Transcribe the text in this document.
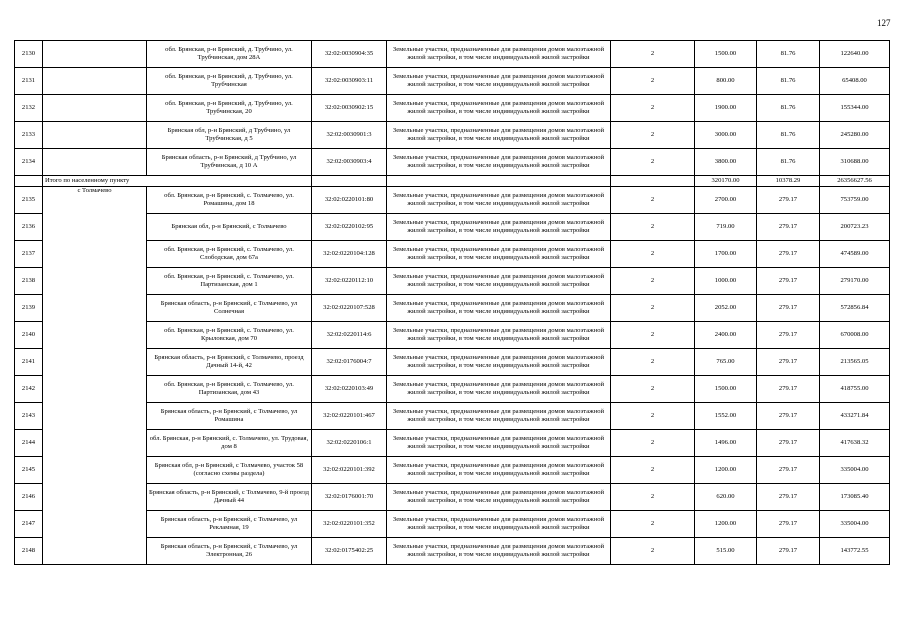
127
2130		обл. Брянская, р-н Брянский, д. Трубчино, ул. Трубчинская, дом 28А	32:02:0030904:35	Земельные участки, предназначенные для размещения домов малоэтажной жилой застройки, в том числе индивидуальной жилой застройки	2	1500.00	81.76	122640.00
2131		обл. Брянская, р-н Брянский, д. Трубчино, ул. Трубчинская	32:02:0030903:11	Земельные участки, предназначенные для размещения домов малоэтажной жилой застройки, в том числе индивидуальной жилой застройки	2	800.00	81.76	65408.00
2132		обл. Брянская, р-н Брянский, д. Трубчино, ул. Трубчинская, 20	32:02:0030902:15	Земельные участки, предназначенные для размещения домов малоэтажной жилой застройки, в том числе индивидуальной жилой застройки	2	1900.00	81.76	155344.00
2133		Брянская обл, р-н Брянский, д Трубчино, ул Трубчинская, д 5	32:02:0030901:3	Земельные участки, предназначенные для размещения домов малоэтажной жилой застройки, в том числе индивидуальной жилой застройки	2	3000.00	81.76	245280.00
2134		Брянская область, р-н Брянский, д Трубчино, ул Трубчинская, д 10 А	32:02:0030903:4	Земельные участки, предназначенные для размещения домов малоэтажной жилой застройки, в том числе индивидуальной жилой застройки	2	3800.00	81.76	310688.00
	Итого по населенному пункту					320170.00	10378.29	26356627.56
2135	с Толмачево	обл. Брянская, р-н Брянский, с. Толмачево, ул. Ромашина, дом 18	32:02:0220101:80	Земельные участки, предназначенные для размещения домов малоэтажной жилой застройки, в том числе индивидуальной жилой застройки	2	2700.00	279.17	753759.00
2136		Брянская обл, р-н Брянский, с Толмачево	32:02:0220102:95	Земельные участки, предназначенные для размещения домов малоэтажной жилой застройки, в том числе индивидуальной жилой застройки	2	719.00	279.17	200723.23
2137		обл. Брянская, р-н Брянский, с. Толмачево, ул. Слободская, дом 67а	32:02:0220104:128	Земельные участки, предназначенные для размещения домов малоэтажной жилой застройки, в том числе индивидуальной жилой застройки	2	1700.00	279.17	474589.00
2138		обл. Брянская, р-н Брянский, с. Толмачево, ул. Партизанская, дом 1	32:02:0220112:10	Земельные участки, предназначенные для размещения домов малоэтажной жилой застройки, в том числе индивидуальной жилой застройки	2	1000.00	279.17	279170.00
2139		Брянская область, р-н Брянский, с Толмачево, ул Солнечная	32:02:0220107:528	Земельные участки, предназначенные для размещения домов малоэтажной жилой застройки, в том числе индивидуальной жилой застройки	2	2052.00	279.17	572856.84
2140		обл. Брянская, р-н Брянский, с. Толмачево, ул. Крыловская, дом 70	32:02:0220114:6	Земельные участки, предназначенные для размещения домов малоэтажной жилой застройки, в том числе индивидуальной жилой застройки	2	2400.00	279.17	670008.00
2141		Брянская область, р-н Брянский, с Толмачево, проезд Дачный 14-й, 42	32:02:0176004:7	Земельные участки, предназначенные для размещения домов малоэтажной жилой застройки, в том числе индивидуальной жилой застройки	2	765.00	279.17	213565.05
2142		обл. Брянская, р-н Брянский, с. Толмачево, ул. Партизанская, дом 43	32:02:0220103:49	Земельные участки, предназначенные для размещения домов малоэтажной жилой застройки, в том числе индивидуальной жилой застройки	2	1500.00	279.17	418755.00
2143		Брянская область, р-н Брянский, с Толмачево, ул Ромашина	32:02:0220101:467	Земельные участки, предназначенные для размещения домов малоэтажной жилой застройки, в том числе индивидуальной жилой застройки	2	1552.00	279.17	433271.84
2144		обл. Брянская, р-н Брянский, с. Толмачево, ул. Трудовая, дом 8	32:02:0220106:1	Земельные участки, предназначенные для размещения домов малоэтажной жилой застройки, в том числе индивидуальной жилой застройки	2	1496.00	279.17	417638.32
2145		Брянская обл, р-н Брянский, с Толмачево, участок 58 (согласно схемы раздела)	32:02:0220101:392	Земельные участки, предназначенные для размещения домов малоэтажной жилой застройки, в том числе индивидуальной жилой застройки	2	1200.00	279.17	335004.00
2146		Брянская область, р-н Брянский, с Толмачево, 9-й проезд Дачный 44	32:02:0176001:70	Земельные участки, предназначенные для размещения домов малоэтажной жилой застройки, в том числе индивидуальной жилой застройки	2	620.00	279.17	173085.40
2147		Брянская область, р-н Брянский, с Толмачево, ул Рекламная, 19	32:02:0220101:352	Земельные участки, предназначенные для размещения домов малоэтажной жилой застройки, в том числе индивидуальной жилой застройки	2	1200.00	279.17	335004.00
2148		Брянская область, р-н Брянский, с Толмачево, ул Электронная, 26	32:02:0175402:25	Земельные участки, предназначенные для размещения домов малоэтажной жилой застройки, в том числе индивидуальной жилой застройки	2	515.00	279.17	143772.55
